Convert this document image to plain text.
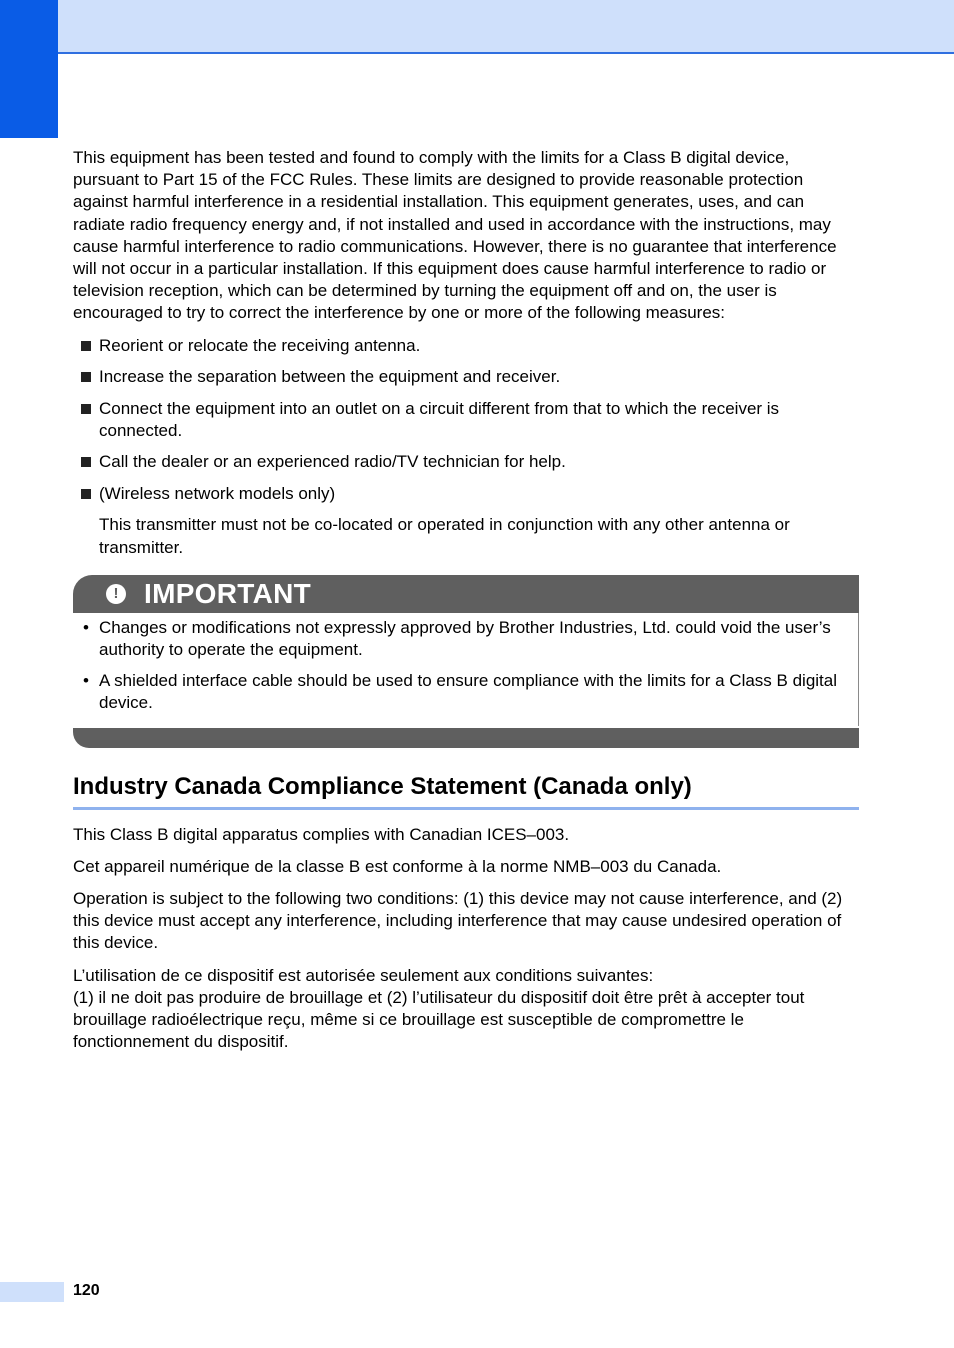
This equipment has been tested and found to comply with the limits for a Class B digital device, pursuant to Part 15 of the FCC Rules. These limits are designed to provide reasonable protection against harmful interference in a residential installation. This equipment generates, uses, and can radiate radio frequency energy and, if not installed and used in accordance with the instructions, may cause harmful interference to radio communications. However, there is no guarantee that interference will not occur in a particular installation. If this equipment does cause harmful interference to radio or television reception, which can be determined by turning the equipment off and on, the user is encouraged to try to correct the interference by one or more of the following measures:

Reorient or relocate the receiving antenna.
Increase the separation between the equipment and receiver.
Connect the equipment into an outlet on a circuit different from that to which the receiver is connected.
Call the dealer or an experienced radio/TV technician for help.
(Wireless network models only)

This transmitter must not be co-located or operated in conjunction with any other antenna or transmitter.

! IMPORTANT
• Changes or modifications not expressly approved by Brother Industries, Ltd. could void the user’s authority to operate the equipment.
• A shielded interface cable should be used to ensure compliance with the limits for a Class B digital device.
Industry Canada Compliance Statement (Canada only)

This Class B digital apparatus complies with Canadian ICES–003.

Cet appareil numérique de la classe B est conforme à la norme NMB–003 du Canada.

Operation is subject to the following two conditions: (1) this device may not cause interference, and (2) this device must accept any interference, including interference that may cause undesired operation of this device.

L’utilisation de ce dispositif est autorisée seulement aux conditions suivantes:

(1) il ne doit pas produire de brouillage et (2) l’utilisateur du dispositif doit être prêt à accepter tout brouillage radioélectrique reçu, même si ce brouillage est susceptible de compromettre le fonctionnement du dispositif.

120
